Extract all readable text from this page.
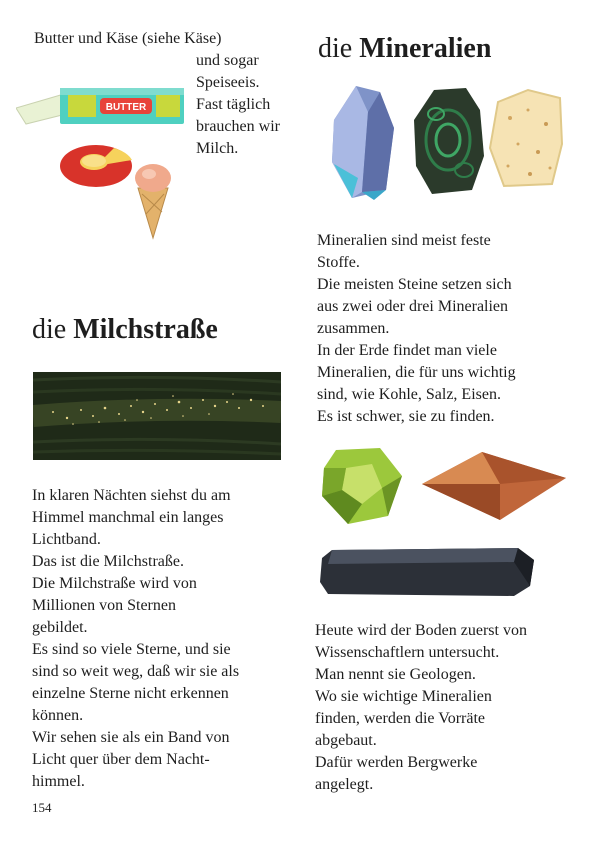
Butter und Käse (siehe Käse)

und sogar

Speiseeis.

Fast täglich

brauchen wir

Milch.

BUTTER
die Mineralien

Mineralien sind meist feste

Stoffe.

Die meisten Steine setzen sich

aus zwei oder drei Mineralien

zusammen.

In der Erde findet man viele

Mineralien, die für uns wichtig

sind, wie Kohle, Salz, Eisen.

Es ist schwer, sie zu finden.

Heute wird der Boden zuerst von

Wissenschaftlern untersucht.

Man nennt sie Geologen.

Wo sie wichtige Mineralien

finden, werden die Vorräte

abgebaut.

Dafür werden Bergwerke

angelegt.

die Milchstraße

In klaren Nächten siehst du am

Himmel manchmal ein langes

Lichtband.

Das ist die Milchstraße.

Die Milchstraße wird von

Millionen von Sternen

gebildet.

Es sind so viele Sterne, und sie

sind so weit weg, daß wir sie als

einzelne Sterne nicht erkennen

können.

Wir sehen sie als ein Band von

Licht quer über dem Nacht-

himmel.

154
